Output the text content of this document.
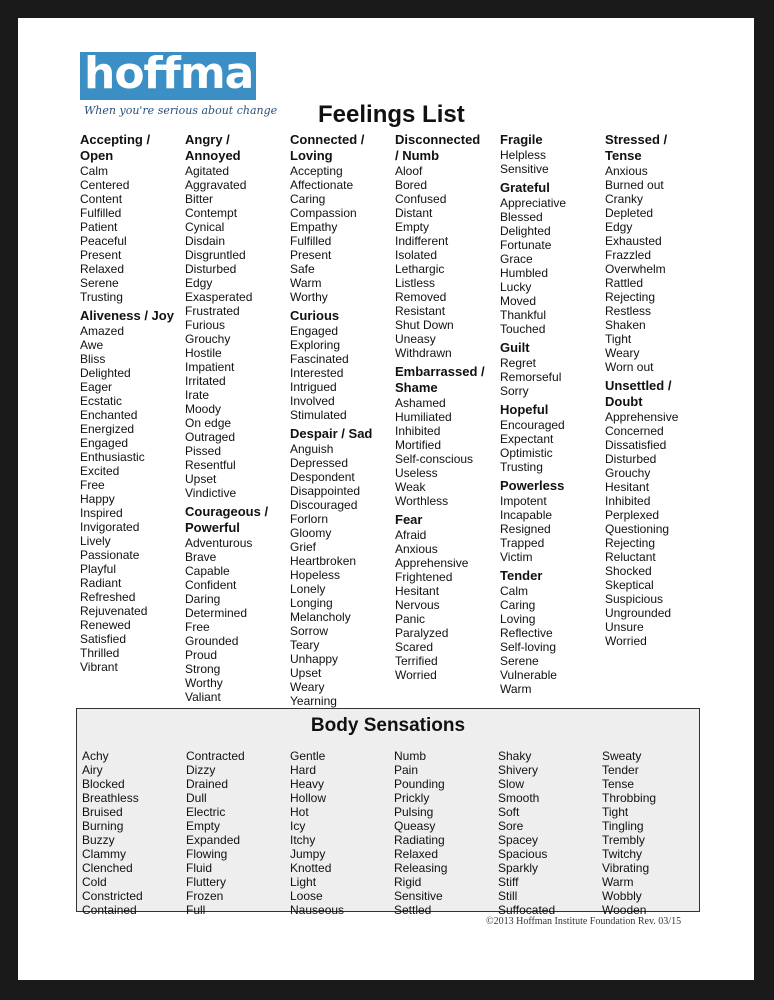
hoffman
When you're serious about change Feelings List
Accepting /
Open
Calm
Centered
Content
Fulfilled
Patient
Peaceful
Present
Relaxed
Serene
Trusting
Aliveness / Joy
Amazed
Awe
Bliss
Delighted
Eager
Ecstatic
Enchanted
Energized
Engaged
Enthusiastic
Excited
Free
Happy
Inspired
Invigorated
Lively
Passionate
Playful
Radiant
Refreshed
Rejuvenated
Renewed
Satisfied
Thrilled
Vibrant
Angry /
Annoyed
Agitated
Aggravated
Bitter
Contempt
Cynical
Disdain
Disgruntled
Disturbed
Edgy
Exasperated
Frustrated
Furious
Grouchy
Hostile
Impatient
Irritated
Irate
Moody
On edge
Outraged
Pissed
Resentful
Upset
Vindictive
Courageous /
Powerful
Adventurous
Brave
Capable
Confident
Daring
Determined
Free
Grounded
Proud
Strong
Worthy
Valiant
Connected /
Loving
Accepting
Affectionate
Caring
Compassion
Empathy
Fulfilled
Present
Safe
Warm
Worthy
Curious
Engaged
Exploring
Fascinated
Interested
Intrigued
Involved
Stimulated
Despair / Sad
Anguish
Depressed
Despondent
Disappointed
Discouraged
Forlorn
Gloomy
Grief
Heartbroken
Hopeless
Lonely
Longing
Melancholy
Sorrow
Teary
Unhappy
Upset
Weary
Yearning
Disconnected
/ Numb
Aloof
Bored
Confused
Distant
Empty
Indifferent
Isolated
Lethargic
Listless
Removed
Resistant
Shut Down
Uneasy
Withdrawn
Embarrassed /
Shame
Ashamed
Humiliated
Inhibited
Mortified
Self-conscious
Useless
Weak
Worthless
Fear
Afraid
Anxious
Apprehensive
Frightened
Hesitant
Nervous
Panic
Paralyzed
Scared
Terrified
Worried
Fragile
Helpless
Sensitive
Grateful
Appreciative
Blessed
Delighted
Fortunate
Grace
Humbled
Lucky
Moved
Thankful
Touched
Guilt
Regret
Remorseful
Sorry
Hopeful
Encouraged
Expectant
Optimistic
Trusting
Powerless
Impotent
Incapable
Resigned
Trapped
Victim
Tender
Calm
Caring
Loving
Reflective
Self-loving
Serene
Vulnerable
Warm
Stressed /
Tense
Anxious
Burned out
Cranky
Depleted
Edgy
Exhausted
Frazzled
Overwhelm
Rattled
Rejecting
Restless
Shaken
Tight
Weary
Worn out
Unsettled /
Doubt
Apprehensive
Concerned
Dissatisfied
Disturbed
Grouchy
Hesitant
Inhibited
Perplexed
Questioning
Rejecting
Reluctant
Shocked
Skeptical
Suspicious
Ungrounded
Unsure
Worried
Body Sensations
Achy
Airy
Blocked
Breathless
Bruised
Burning
Buzzy
Clammy
Clenched
Cold
Constricted
Contained
Contracted
Dizzy
Drained
Dull
Electric
Empty
Expanded
Flowing
Fluid
Fluttery
Frozen
Full
Gentle
Hard
Heavy
Hollow
Hot
Icy
Itchy
Jumpy
Knotted
Light
Loose
Nauseous
Numb
Pain
Pounding
Prickly
Pulsing
Queasy
Radiating
Relaxed
Releasing
Rigid
Sensitive
Settled
Shaky
Shivery
Slow
Smooth
Soft
Sore
Spacey
Spacious
Sparkly
Stiff
Still
Suffocated
Sweaty
Tender
Tense
Throbbing
Tight
Tingling
Trembly
Twitchy
Vibrating
Warm
Wobbly
Wooden
©2013 Hoffman Institute Foundation Rev. 03/15
